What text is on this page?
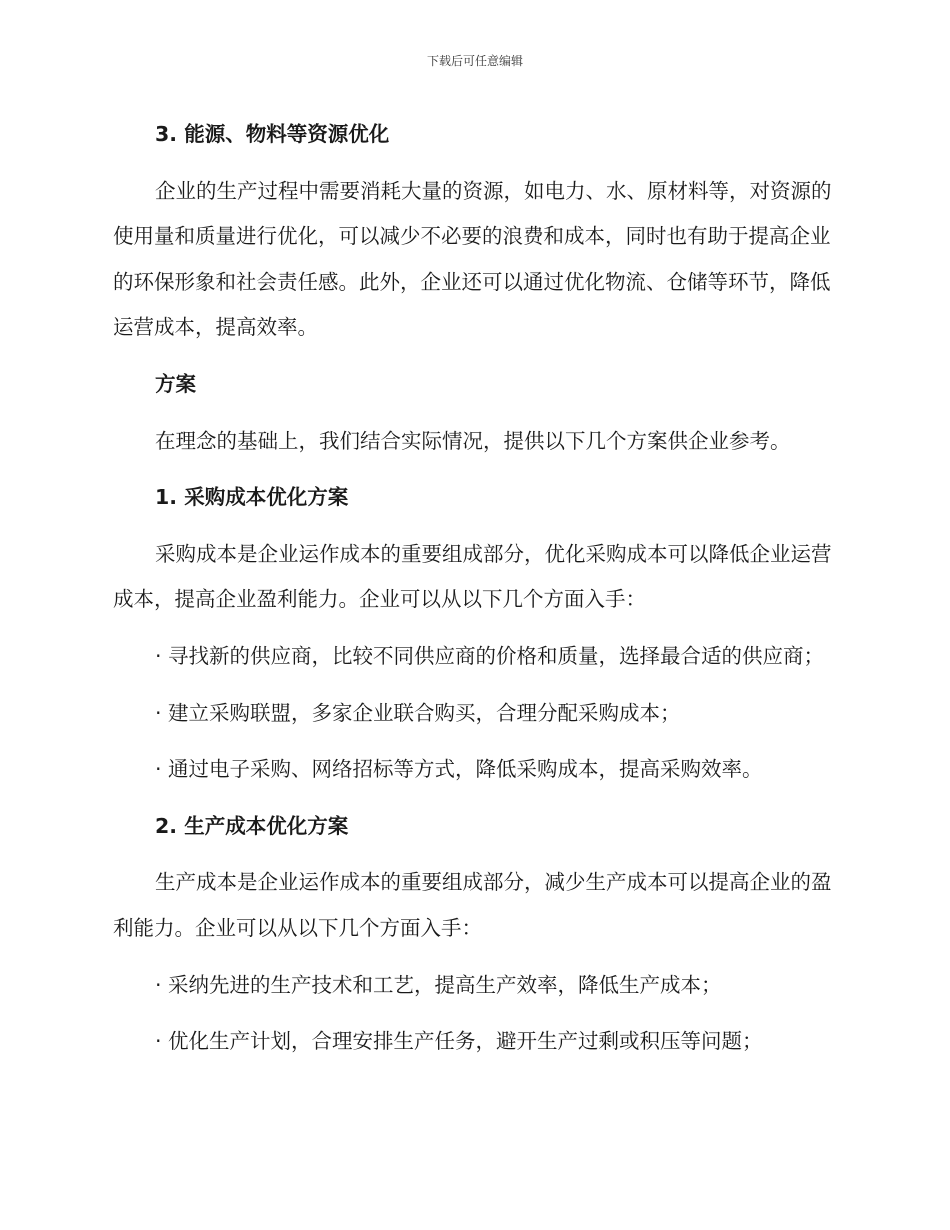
下载后可任意编辑
3. 能源、物料等资源优化
企业的生产过程中需要消耗大量的资源，如电力、水、原材料等，对资源的使用量和质量进行优化，可以减少不必要的浪费和成本，同时也有助于提高企业的环保形象和社会责任感。此外，企业还可以通过优化物流、仓储等环节，降低运营成本，提高效率。
方案
在理念的基础上，我们结合实际情况，提供以下几个方案供企业参考。
1. 采购成本优化方案
采购成本是企业运作成本的重要组成部分，优化采购成本可以降低企业运营成本，提高企业盈利能力。企业可以从以下几个方面入手：
· 寻找新的供应商，比较不同供应商的价格和质量，选择最合适的供应商；
· 建立采购联盟，多家企业联合购买，合理分配采购成本；
· 通过电子采购、网络招标等方式，降低采购成本，提高采购效率。
2. 生产成本优化方案
生产成本是企业运作成本的重要组成部分，减少生产成本可以提高企业的盈利能力。企业可以从以下几个方面入手：
· 采纳先进的生产技术和工艺，提高生产效率，降低生产成本；
· 优化生产计划，合理安排生产任务，避开生产过剩或积压等问题；
